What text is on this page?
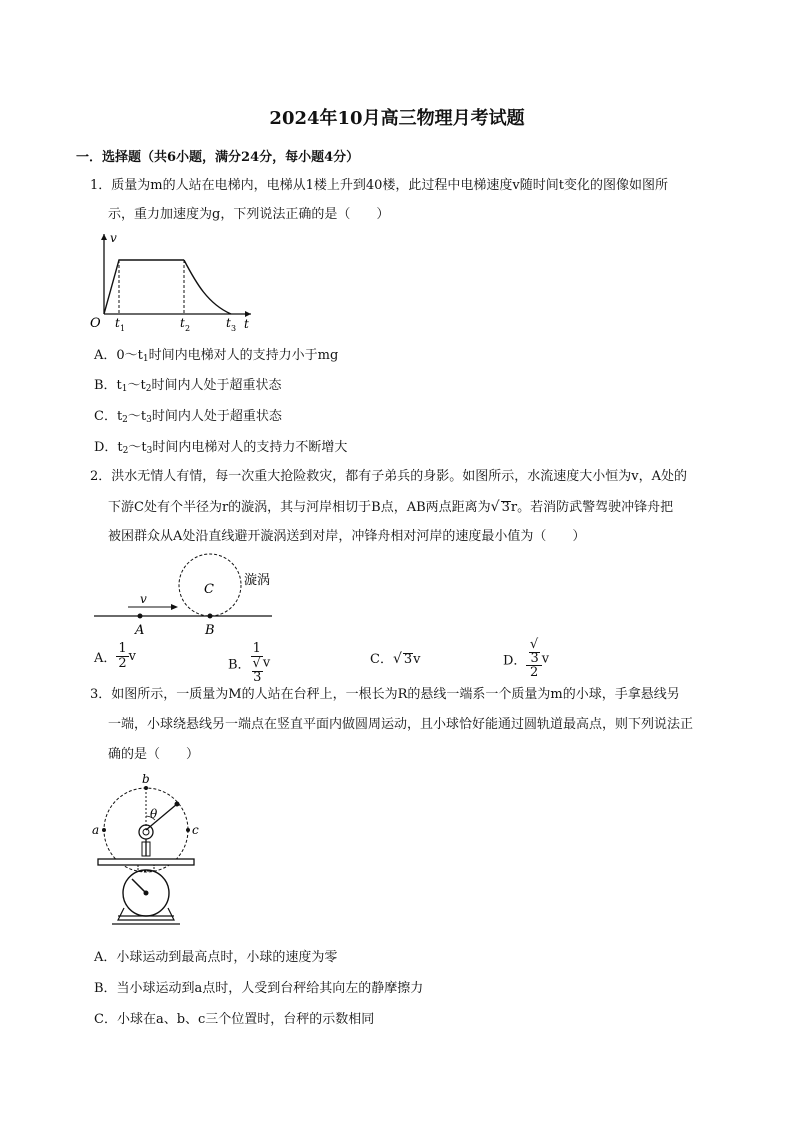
2024年10月高三物理月考试题
一．选择题（共6小题，满分24分，每小题4分）
1．质量为m的人站在电梯内，电梯从1楼上升到40楼，此过程中电梯速度v随时间t变化的图像如图所
示，重力加速度为g，下列说法正确的是（　　）
v
t
O t 1	t 2	t 3
A．$0\sim t_1$时间内电梯对人的支持力小于mg
B．$t_1\sim t_2$时间内人处于超重状态
C．$t_2\sim t_3$时间内人处于超重状态
D．$t_2\sim t_3$时间内电梯对人的支持力不断增大
2．洪水无情人有情，每一次重大抢险救灾，都有子弟兵的身影。如图所示，水流速度大小恒为v，A处的
下游C处有个半径为r的漩涡，其与河岸相切于B点，AB两点距离为√ 3r。若消防武警驾驶冲锋舟把
被困群众从A处沿直线避开漩涡送到对岸，冲锋舟相对河岸的速度最小值为（　　）
v
C
漩涡
A	B
A． $\frac{1}{2}$ v
B． 1
√
3 v	C．√ 3v	D． √
3
2 v
3．如图所示，一质量为M的人站在台秤上，一根长为R的悬线一端系一个质量为m的小球，手拿悬线另
一端，小球绕悬线另一端点在竖直平面内做圆周运动，且小球恰好能通过圆轨道最高点，则下列说法正
确的是（　　）
b
a	c
θ
A．小球运动到最高点时，小球的速度为零
B．当小球运动到a点时，人受到台秤给其向左的静摩擦力
C．小球在a、b、c三个位置时，台秤的示数相同
